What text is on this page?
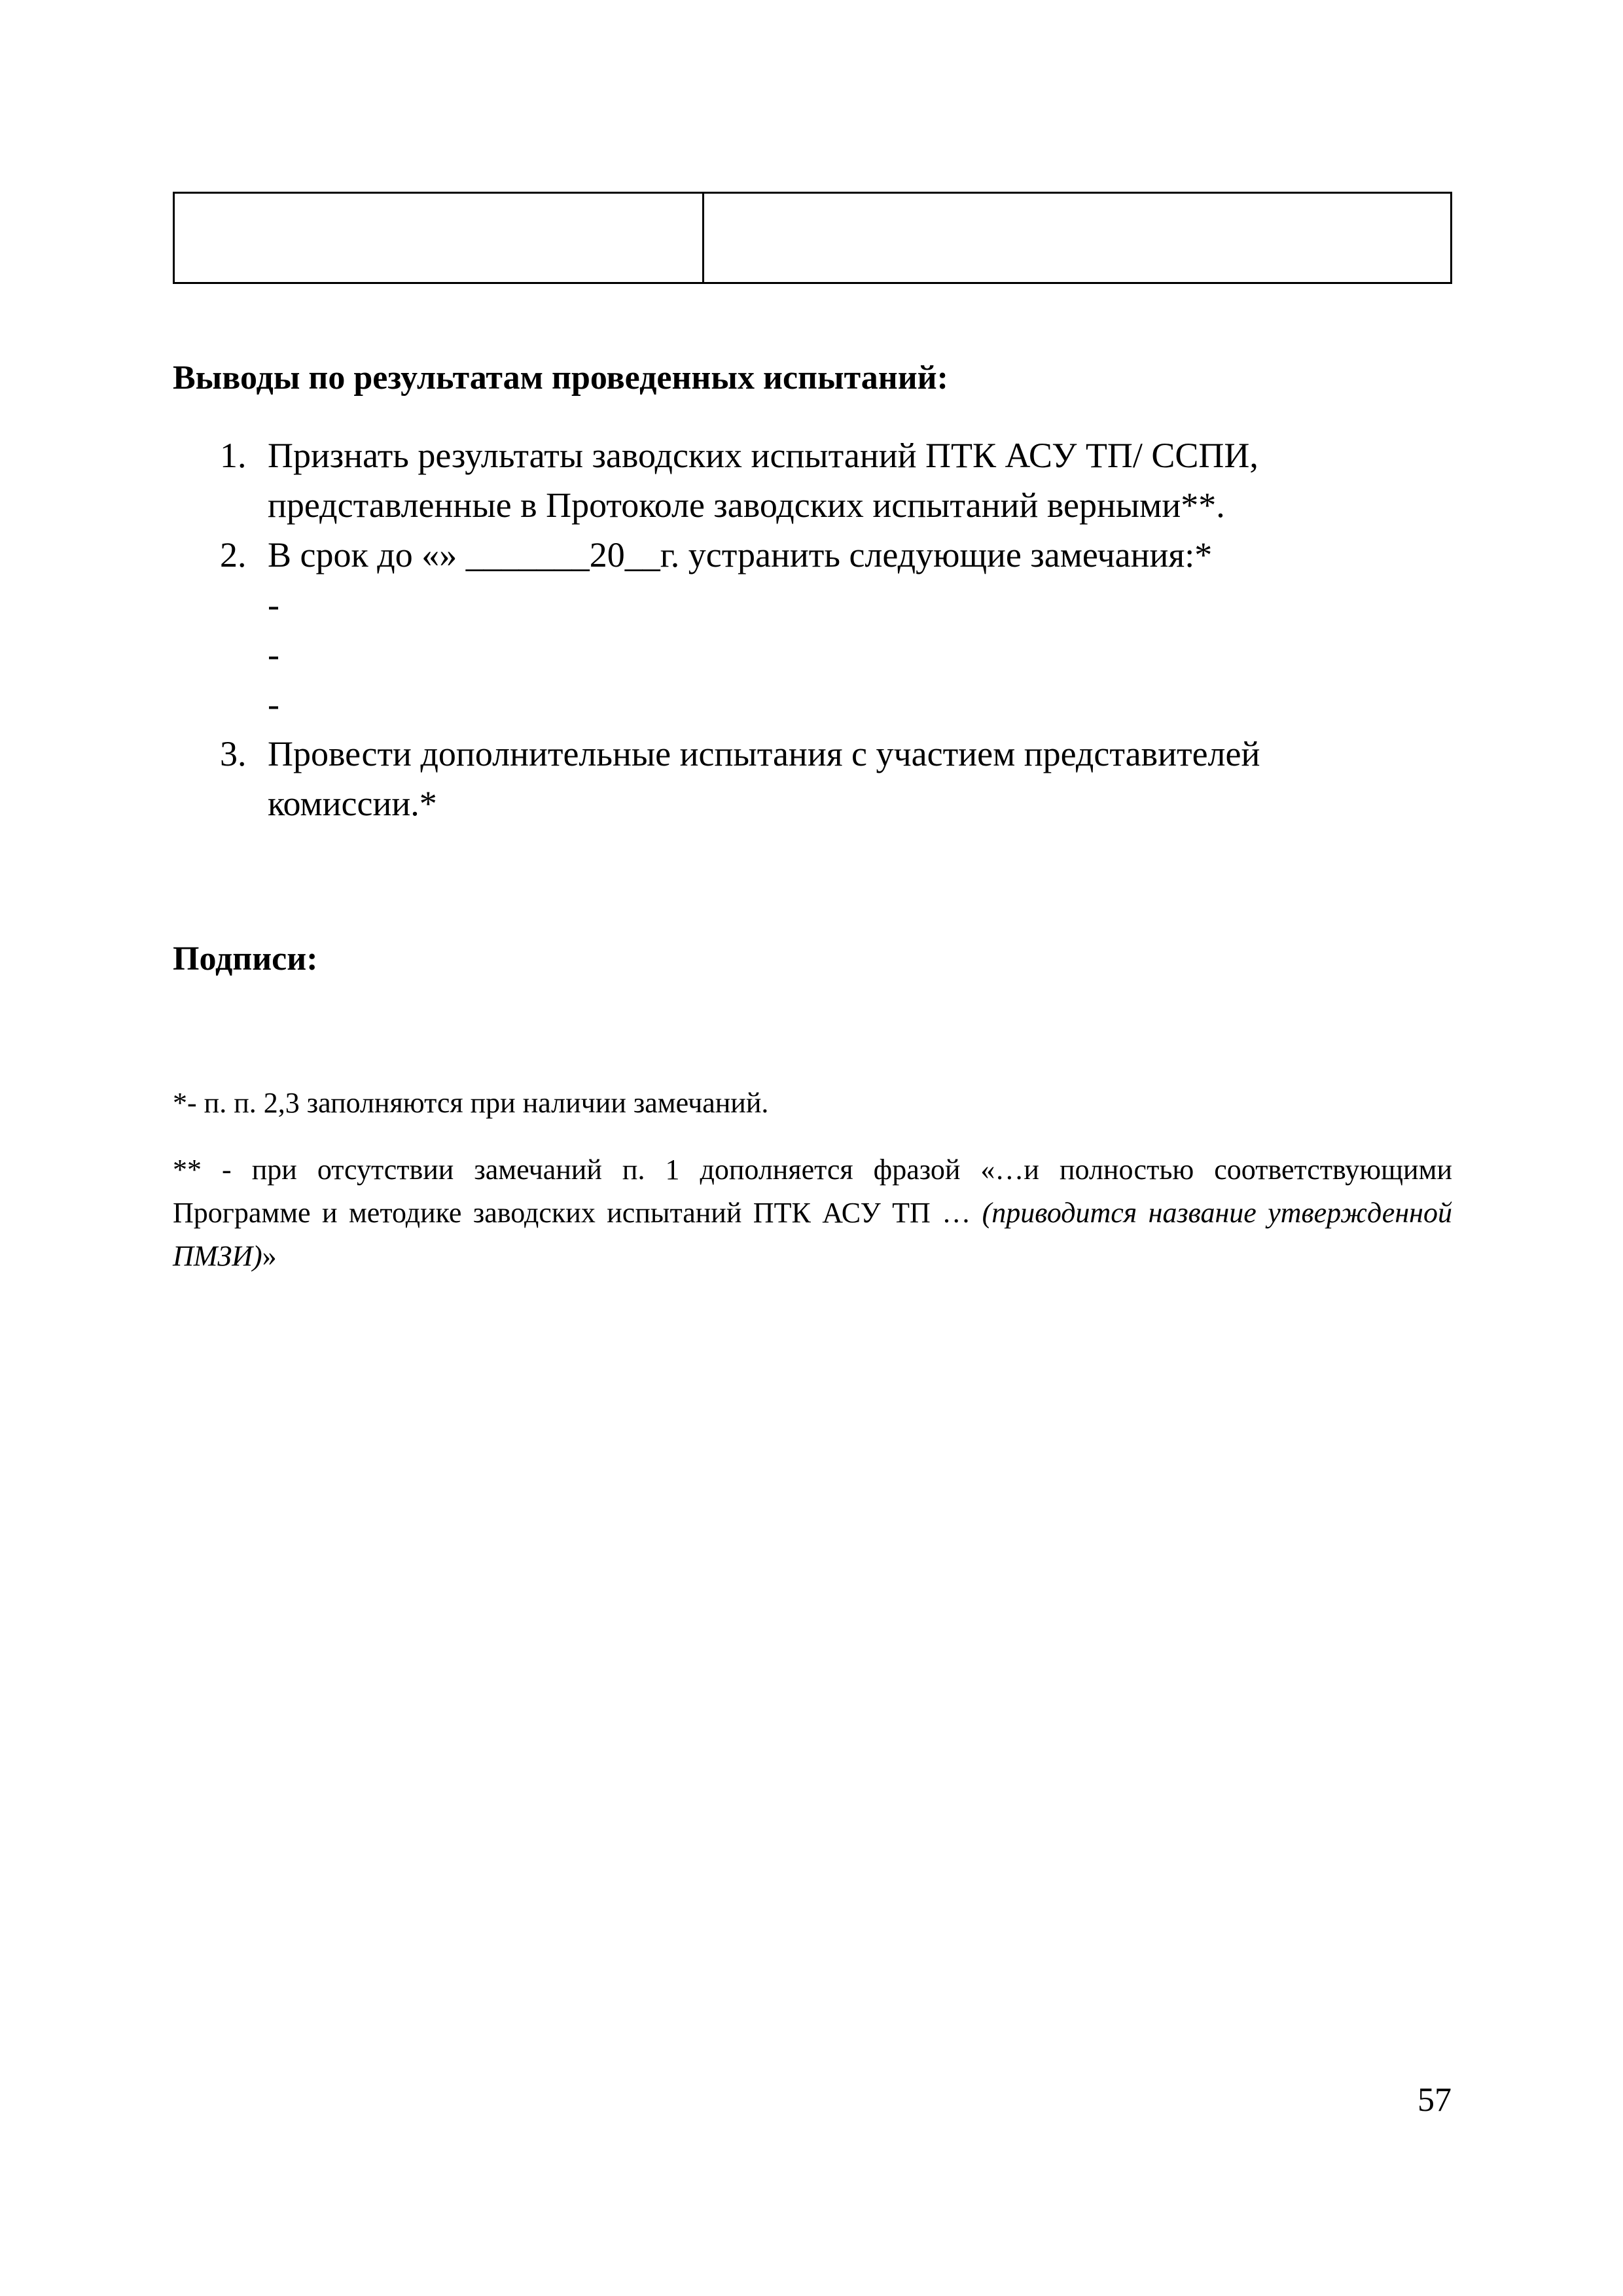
Выводы по результатам проведенных испытаний:
1. Признать результаты заводских испытаний ПТК АСУ ТП/ ССПИ,
представленные в Протоколе заводских испытаний верными**.
2. В срок до «» _______20__г. устранить следующие замечания:*
-
-
-
3. Провести дополнительные испытания с участием представителей
комиссии.*
Подписи:
*- п. п. 2,3 заполняются при наличии замечаний.
** - при отсутствии замечаний п. 1 дополняется фразой «…и полностью соответствующими Программе и методике заводских испытаний ПТК АСУ ТП … (приводится название утвержденной ПМЗИ)»
57
